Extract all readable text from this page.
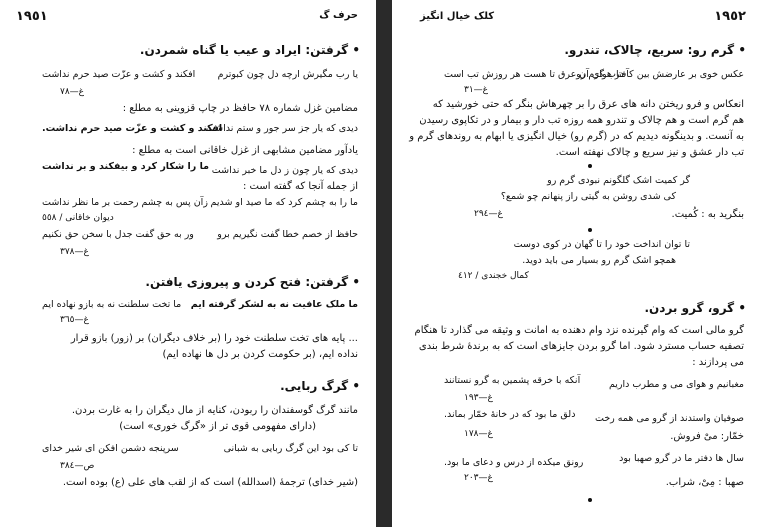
١٩٥١	حرف گ
• گرفتن: ایراد و عیب یا گناه شمردن.
یا رب مگیرش ارچه دل چون کبوترم
افکند و کشت و عزّت صید حرم نداشت
غ—٧٨
مضامین غزل شماره ٧٨ حافظ در چاپ قزوینی به مطلع :
دیدی که یار جز سر جور و ستم نداشت
افکند و کشت و عزّت صید حرم نداشت.
یادآور مضامین مشابهی از غزل خاقانی است به مطلع :
دیدی که یار چون ز دل ما خبر نداشت
ما را شکار کرد و بیفکند و بر نداشت
از جمله آنجا که گفته است :
ما را به چشم کرد که ما صید او شدیم
زآن پس به چشم رحمت بر ما نظر نداشت
دیوان خاقانی / ٥٥٨
حافظ از خصم خطا گفت نگیریم برو
ور به حق گفت جدل با سخن حق نکنیم
غ—٣٧٨
• گرفتن: فتح کردن و پیروزی یافتن.
ما ملک عافیت نه به لشکر گرفته ایم
ما تخت سلطنت نه به بازو نهاده ایم
غ—٣٦٥
... پایه های تخت سلطنت خود را (بر خلاف دیگران) بر (زور) بازو قرار
نداده ایم، (بر حکومت کردن بر دل ها نهاده ایم)
• گرگ ربایی.
مانند گرگ گوسفندان را ربودن، کنایه از مال دیگران را به غارت بردن.
(دارای مفهومی قوی تر از «گرگ خوری» است)
تا کی بود این گرگ ربایی به شبانی
سرپنجه دشمن افکن ای شیر خدای
ص—٣٨٤
(شیر خدای) ترجمهٔ (اسدالله) است که از لقب های علی (ع) بوده است.
کلک خیال انگیز	١٩٥٢
• گرم رو: سریع، چالاک، تندرو.
عکس خوی بر عارضش بین کآفتاب گرم رو
در هوای آن عرق تا هست هر روزش تب است
غ—٣١
انعکاس و فرو ریختن دانه های عرق را بر چهرهاش بنگر که حتی خورشید که
هم گرم است و هم چالاک و تندرو همه روزه تب دار و بیمار و در تکاپوی رسیدن
به آنست. و بدینگونه دیدیم که در (گرم رو) خیال انگیزی یا ابهام به روندهای گرم و
تب دار عشق و نیز سریع و چالاک نهفته است.
گر کمیت اشک گلگونم نبودی گرم رو
کی شدی روشن به گیتی راز پنهانم چو شمع؟
غ—٢٩٤	بنگرید به : کُمیت.
تا توان انداخت خود را تا گهان در کوی دوست
همچو اشک گرم رو بسیار می باید دوید.
کمال خجندی / ٤١٢
• گرو، گرو بردن.
گرو مالی است که وام گیرنده نزد وام دهنده به امانت و وثیقه می گذارد تا هنگام
تصفیه حساب مسترد شود. اما گرو بردن جایزهای است که به برندهٔ شرط بندی
می پردازند :
آنکه با خرقه پشمین به گرو نستانند	مغبانیم و هوای می و مطرب داریم
غ—١٩٣
دلق ما بود که در خانهٔ خمّار بماند. صوفیان واستدند از گرو می همه رخت
غ—١٧٨	خمّار: میْ فروش.
سال ها دفتر ما در گرو صهبا بود
رونق میکده از درس و دعای ما بود.
غ—٢٠٣	صهبا : مِیْ، شراب.
